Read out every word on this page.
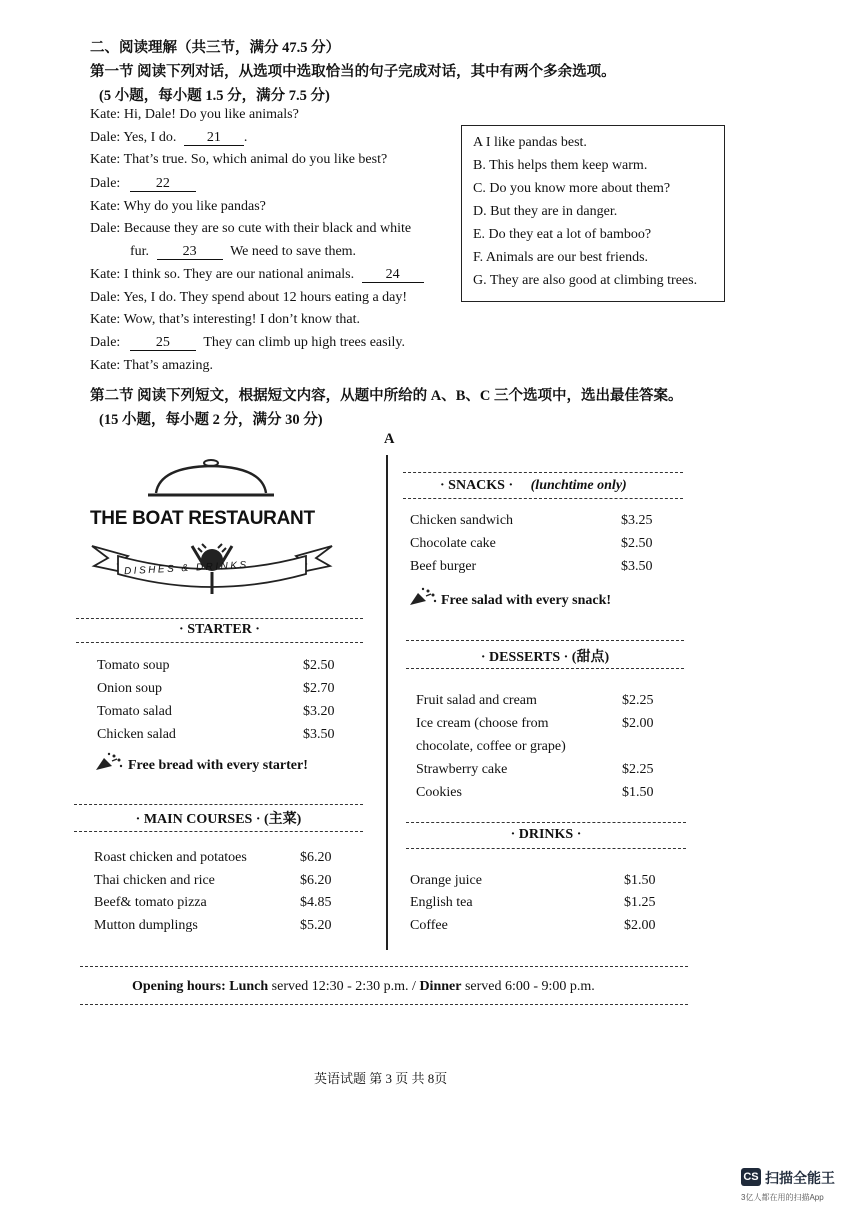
二、阅读理解（共三节，满分 47.5 分）
第一节 阅读下列对话，从选项中选取恰当的句子完成对话，其中有两个多余选项。
(5 小题，每小题 1.5 分，满分 7.5 分)
Kate: Hi, Dale! Do you like animals?
Dale: Yes, I do. 21 .
Kate: That’s true. So, which animal do you like best?
Dale:	22
Kate: Why do you like pandas?
Dale: Because they are so cute with their black and white
fur. 23 We need to save them.
Kate: I think so. They are our national animals. 24
Dale: Yes, I do. They spend about 12 hours eating a day!
Kate: Wow, that’s interesting! I don’t know that.
Dale:	25 They can climb up high trees easily.
Kate: That’s amazing.
A I like pandas best.
B. This helps them keep warm.
C. Do you know more about them?
D. But they are in danger.
E. Do they eat a lot of bamboo?
F. Animals are our best friends.
G. They are also good at climbing trees.
第二节 阅读下列短文，根据短文内容，从题中所给的 A、B、C 三个选项中，选出最佳答案。
(15 小题，每小题 2 分，满分 30 分)
A
THE BOAT RESTAURANT
DISHES & DRINKS
· STARTER ·
Tomato soup	$2.50
Onion soup	$2.70
Tomato salad	$3.20
Chicken salad	$3.50
Free bread with every starter!
· MAIN COURSES · (主菜)
Roast chicken and potatoes	$6.20
Thai chicken and rice	$6.20
Beef& tomato pizza	$4.85
Mutton dumplings	$5.20
· SNACKS · (lunchtime only)
Chicken sandwich	$3.25
Chocolate cake	$2.50
Beef burger	$3.50
Free salad with every snack!
· DESSERTS · (甜点)
Fruit salad and cream	$2.25
Ice cream (choose from	$2.00
chocolate, coffee or grape)
Strawberry cake	$2.25
Cookies	$1.50
· DRINKS ·
Orange juice	$1.50
English tea	$1.25
Coffee	$2.00
Opening hours: Lunch served 12:30 - 2:30 p.m. / Dinner served 6:00 - 9:00 p.m.
英语试题 第 3 页 共 8页
CS 扫描全能王
3亿人都在用的扫描App
